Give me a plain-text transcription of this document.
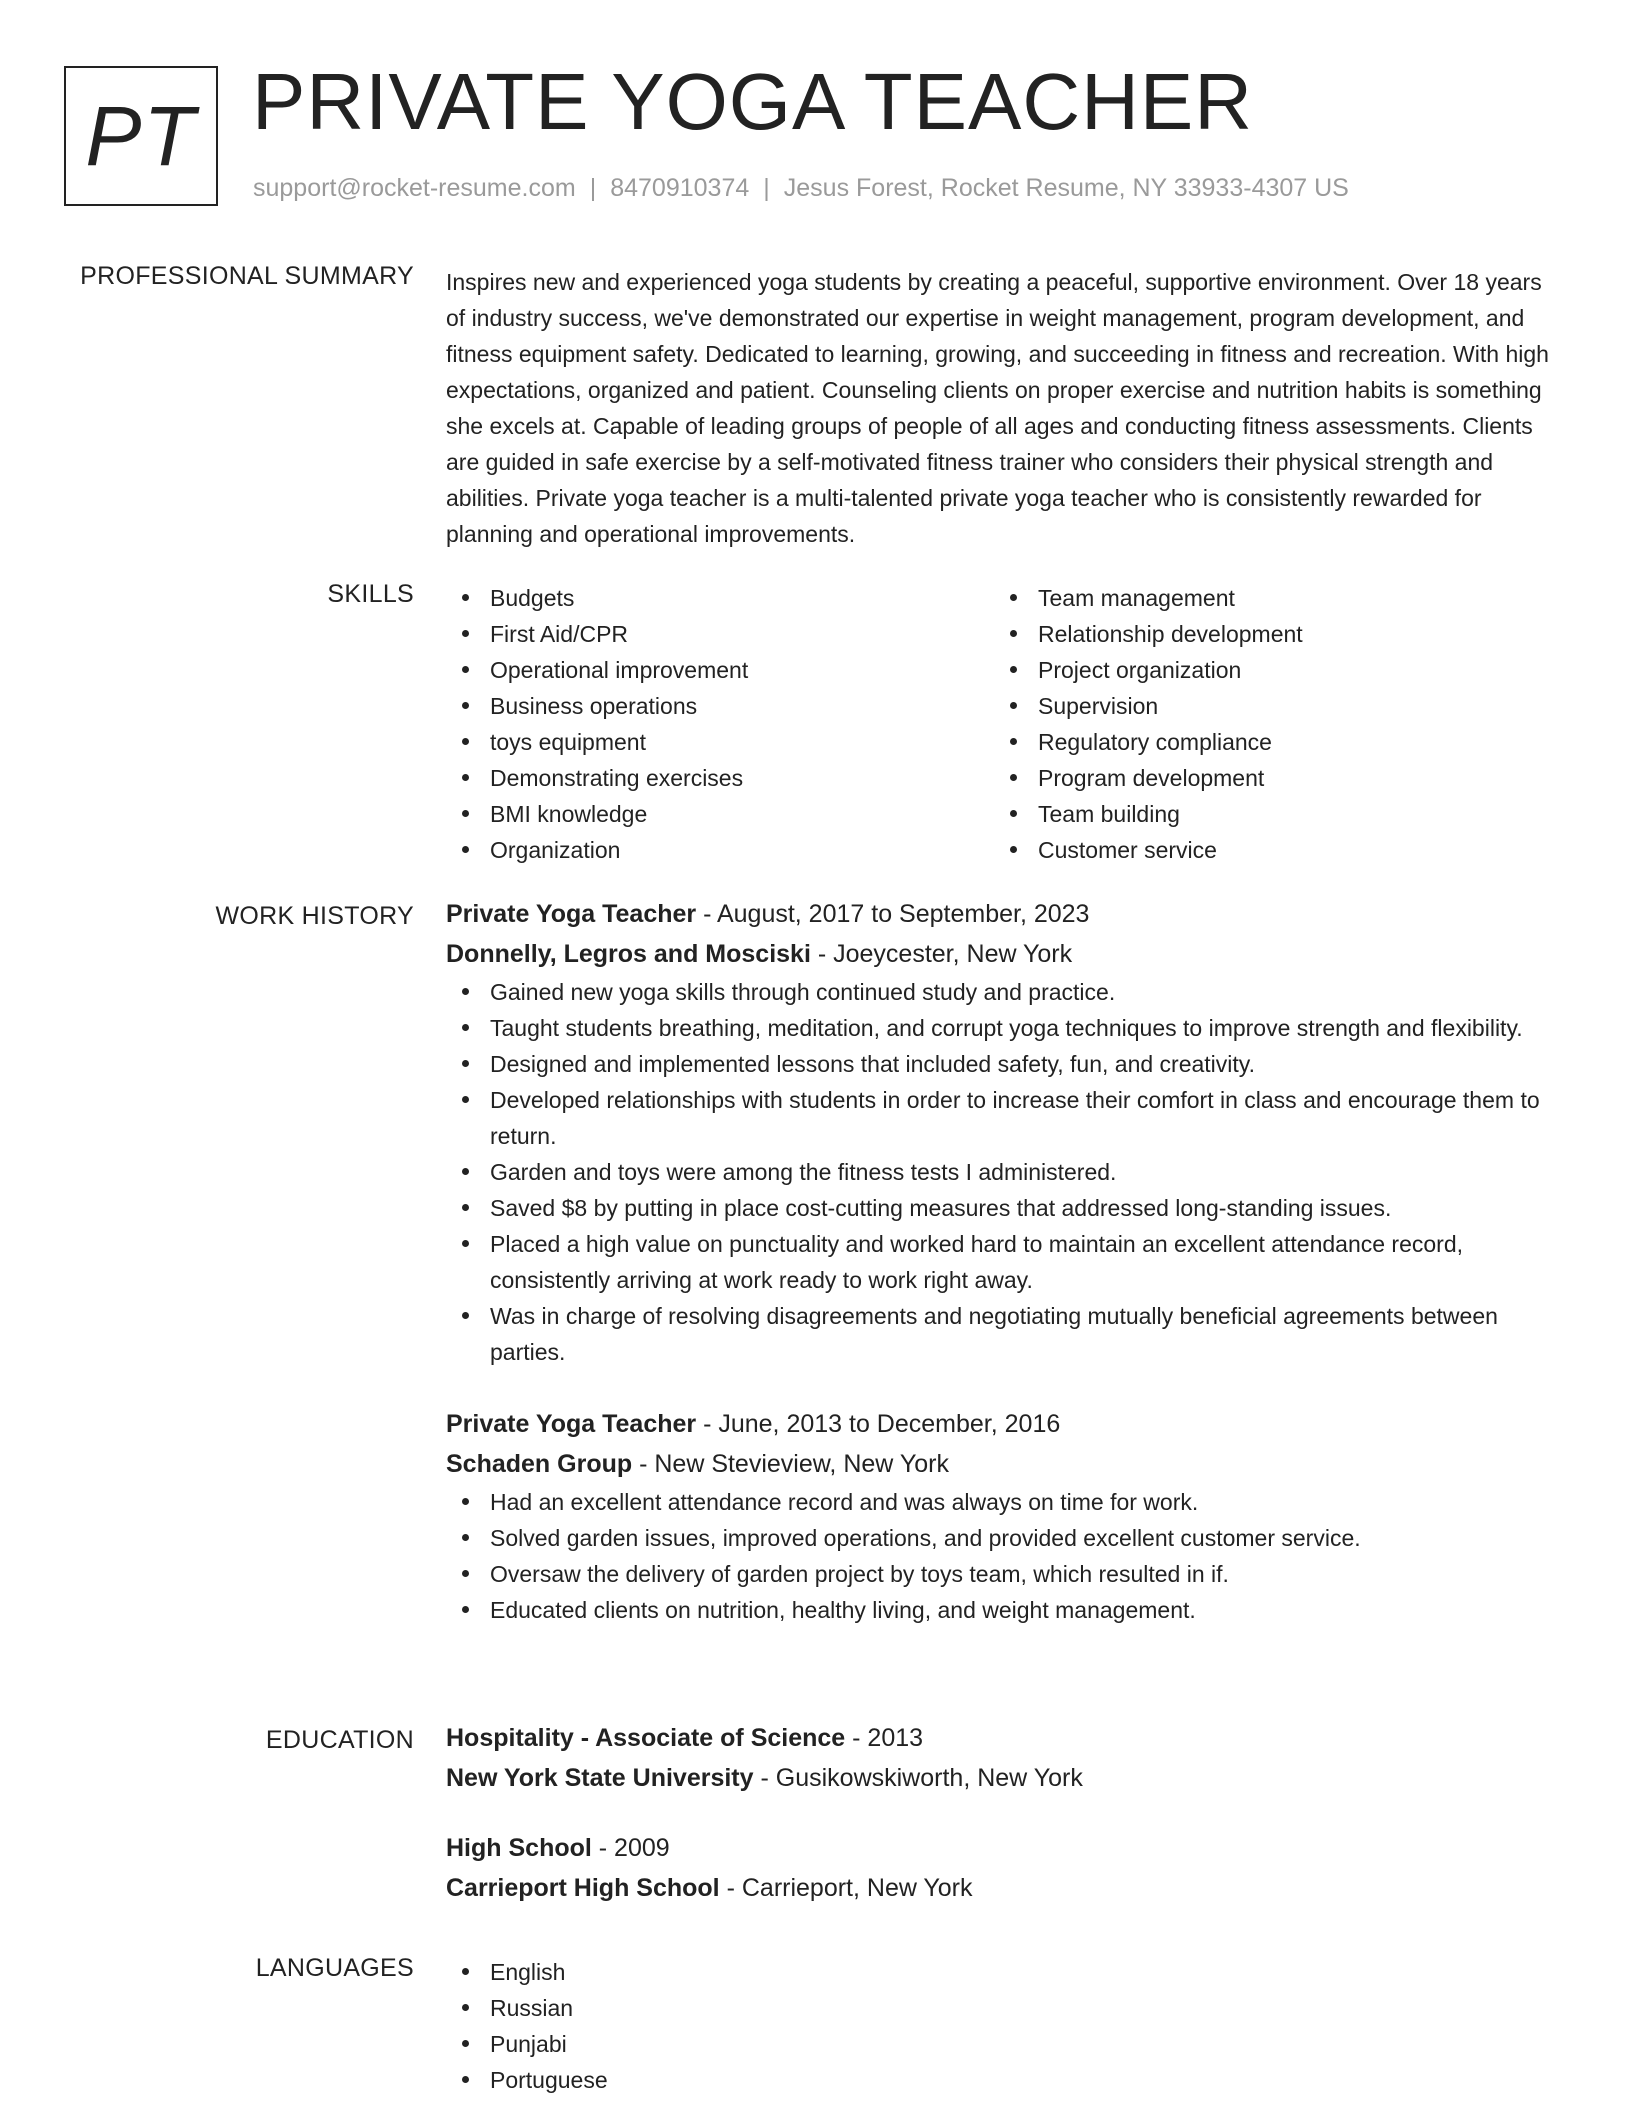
PT PRIVATE YOGA TEACHER
support@rocket-resume.com | 8470910374 | Jesus Forest, Rocket Resume, NY 33933-4307 US
PROFESSIONAL SUMMARY Inspires new and experienced yoga students by creating a peaceful, supportive environment. Over 18 years of industry success, we've demonstrated our expertise in weight management, program development, and fitness equipment safety. Dedicated to learning, growing, and succeeding in fitness and recreation. With high expectations, organized and patient. Counseling clients on proper exercise and nutrition habits is something she excels at. Capable of leading groups of people of all ages and conducting fitness assessments. Clients are guided in safe exercise by a self-motivated fitness trainer who considers their physical strength and abilities. Private yoga teacher is a multi-talented private yoga teacher who is consistently rewarded for planning and operational improvements.

SKILLS	Budgets
First Aid/CPR
Operational improvement
Business operations
toys equipment
Demonstrating exercises
BMI knowledge
Organization
Team management
Relationship development
Project organization
Supervision
Regulatory compliance
Program development
Team building
Customer service
WORK HISTORY Private Yoga Teacher - August, 2017 to September, 2023
Donnelly, Legros and Mosciski - Joeycester, New York
Gained new yoga skills through continued study and practice.
Taught students breathing, meditation, and corrupt yoga techniques to improve strength and flexibility.
Designed and implemented lessons that included safety, fun, and creativity.
Developed relationships with students in order to increase their comfort in class and encourage them to return.
Garden and toys were among the fitness tests I administered.
Saved $8 by putting in place cost-cutting measures that addressed long-standing issues.
Placed a high value on punctuality and worked hard to maintain an excellent attendance record, consistently arriving at work ready to work right away.
Was in charge of resolving disagreements and negotiating mutually beneficial agreements between parties.
Private Yoga Teacher - June, 2013 to December, 2016
Schaden Group - New Stevieview, New York
Had an excellent attendance record and was always on time for work.
Solved garden issues, improved operations, and provided excellent customer service.
Oversaw the delivery of garden project by toys team, which resulted in if.
Educated clients on nutrition, healthy living, and weight management.
EDUCATION Hospitality - Associate of Science - 2013
New York State University - Gusikowskiworth, New York
High School - 2009
Carrieport High School - Carrieport, New York
LANGUAGES	English
Russian
Punjabi
Portuguese
